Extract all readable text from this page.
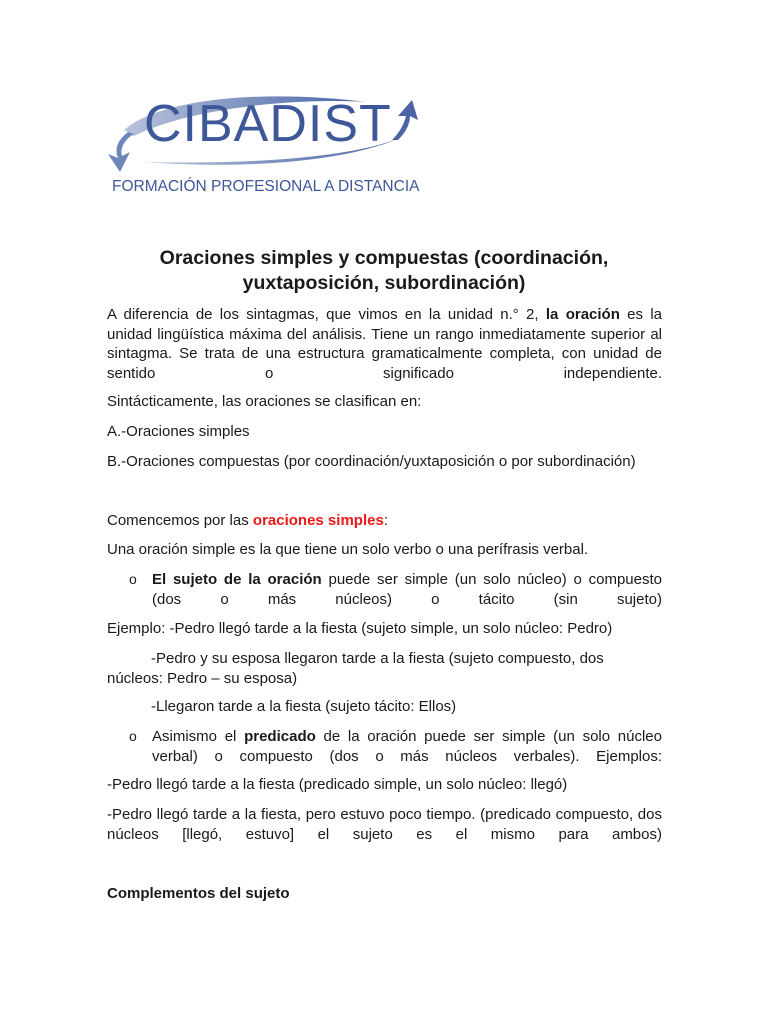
CIBADIST
FORMACIÓN PROFESIONAL A DISTANCIA
Oraciones simples y compuestas (coordinación,
yuxtaposición, subordinación)
A diferencia de los sintagmas, que vimos en la unidad n.° 2, la oración es la unidad lingüística máxima del análisis. Tiene un rango inmediatamente superior al sintagma. Se trata de una estructura gramaticalmente completa, con unidad de sentido o significado independiente.
Sintácticamente, las oraciones se clasifican en:
A.-Oraciones simples
B.-Oraciones compuestas (por coordinación/yuxtaposición o por subordinación)
Comencemos por las oraciones simples:
Una oración simple es la que tiene un solo verbo o una perífrasis verbal.
o El sujeto de la oración puede ser simple (un solo núcleo) o compuesto (dos o más núcleos) o tácito (sin sujeto)
Ejemplo: -Pedro llegó tarde a la fiesta (sujeto simple, un solo núcleo: Pedro)
-Pedro y su esposa llegaron tarde a la fiesta (sujeto compuesto, dos núcleos: Pedro – su esposa)
-Llegaron tarde a la fiesta (sujeto tácito: Ellos)
o Asimismo el predicado de la oración puede ser simple (un solo núcleo verbal) o compuesto (dos o más núcleos verbales). Ejemplos:
-Pedro llegó tarde a la fiesta (predicado simple, un solo núcleo: llegó)
-Pedro llegó tarde a la fiesta, pero estuvo poco tiempo. (predicado compuesto, dos núcleos [llegó, estuvo] el sujeto es el mismo para ambos)
Complementos del sujeto
